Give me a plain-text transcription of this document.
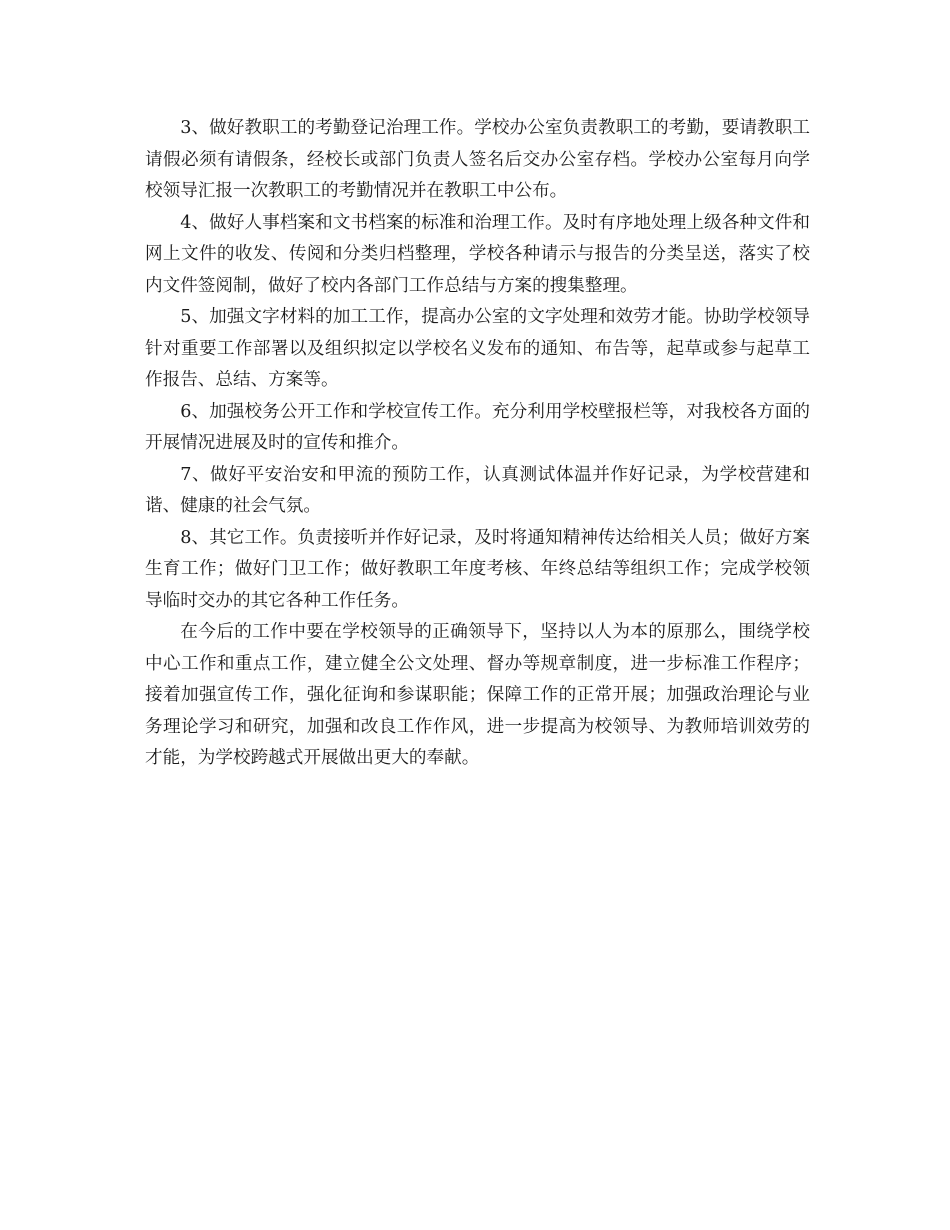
3、做好教职工的考勤登记治理工作。学校办公室负责教职工的考勤，要请教职工请假必须有请假条，经校长或部门负责人签名后交办公室存档。学校办公室每月向学校领导汇报一次教职工的考勤情况并在教职工中公布。

4、做好人事档案和文书档案的标准和治理工作。及时有序地处理上级各种文件和网上文件的收发、传阅和分类归档整理，学校各种请示与报告的分类呈送，落实了校内文件签阅制，做好了校内各部门工作总结与方案的搜集整理。

5、加强文字材料的加工工作，提高办公室的文字处理和效劳才能。协助学校领导针对重要工作部署以及组织拟定以学校名义发布的通知、布告等，起草或参与起草工作报告、总结、方案等。

6、加强校务公开工作和学校宣传工作。充分利用学校壁报栏等，对我校各方面的开展情况进展及时的宣传和推介。

7、做好平安治安和甲流的预防工作，认真测试体温并作好记录，为学校营建和谐、健康的社会气氛。

8、其它工作。负责接听并作好记录，及时将通知精神传达给相关人员；做好方案生育工作；做好门卫工作；做好教职工年度考核、年终总结等组织工作；完成学校领导临时交办的其它各种工作任务。

在今后的工作中要在学校领导的正确领导下，坚持以人为本的原那么，围绕学校中心工作和重点工作，建立健全公文处理、督办等规章制度，进一步标准工作程序；接着加强宣传工作，强化征询和参谋职能；保障工作的正常开展；加强政治理论与业务理论学习和研究，加强和改良工作作风，进一步提高为校领导、为教师培训效劳的才能，为学校跨越式开展做出更大的奉献。
